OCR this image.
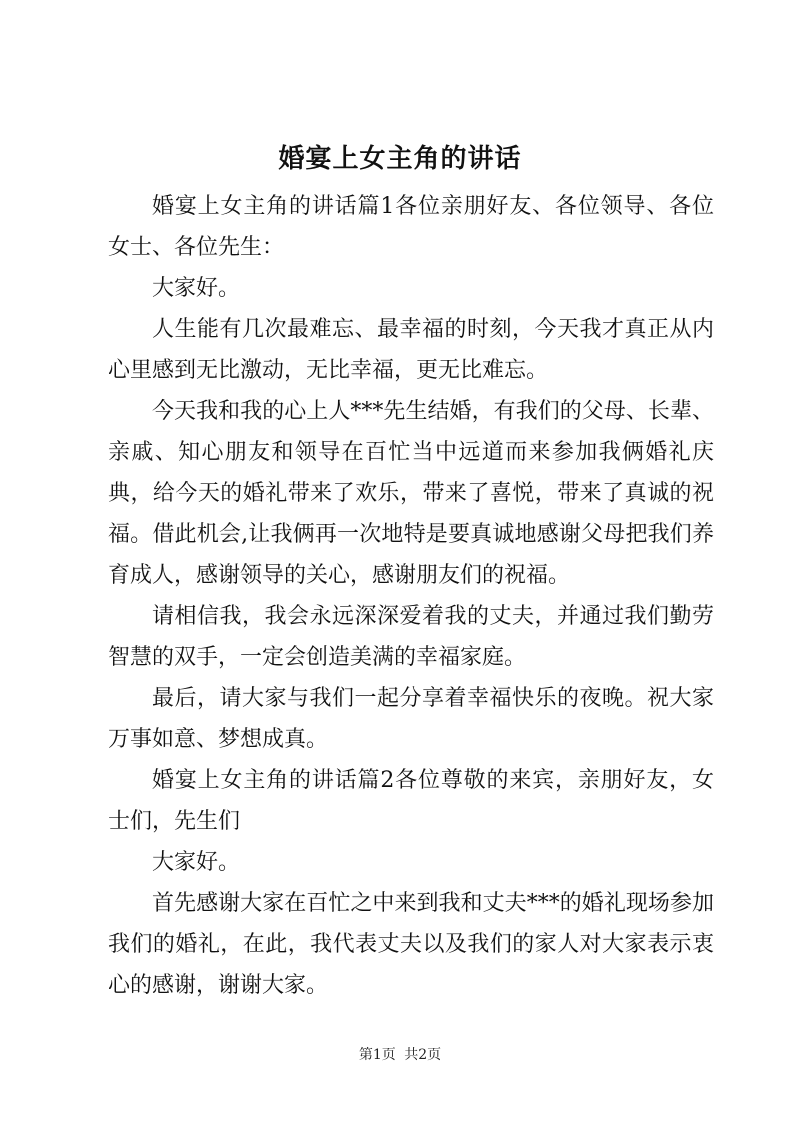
婚宴上女主角的讲话

婚宴上女主角的讲话篇1各位亲朋好友、各位领导、各位女士、各位先生：

大家好。

人生能有几次最难忘、最幸福的时刻，今天我才真正从内心里感到无比激动，无比幸福，更无比难忘。

今天我和我的心上人***先生结婚，有我们的父母、长辈、亲戚、知心朋友和领导在百忙当中远道而来参加我俩婚礼庆典，给今天的婚礼带来了欢乐，带来了喜悦，带来了真诚的祝福。借此机会,让我俩再一次地特是要真诚地感谢父母把我们养育成人，感谢领导的关心，感谢朋友们的祝福。

请相信我，我会永远深深爱着我的丈夫，并通过我们勤劳智慧的双手，一定会创造美满的幸福家庭。

最后，请大家与我们一起分享着幸福快乐的夜晚。祝大家万事如意、梦想成真。

婚宴上女主角的讲话篇2各位尊敬的来宾，亲朋好友，女士们，先生们

大家好。

首先感谢大家在百忙之中来到我和丈夫***的婚礼现场参加我们的婚礼，在此，我代表丈夫以及我们的家人对大家表示衷心的感谢，谢谢大家。

第1页 共2页
